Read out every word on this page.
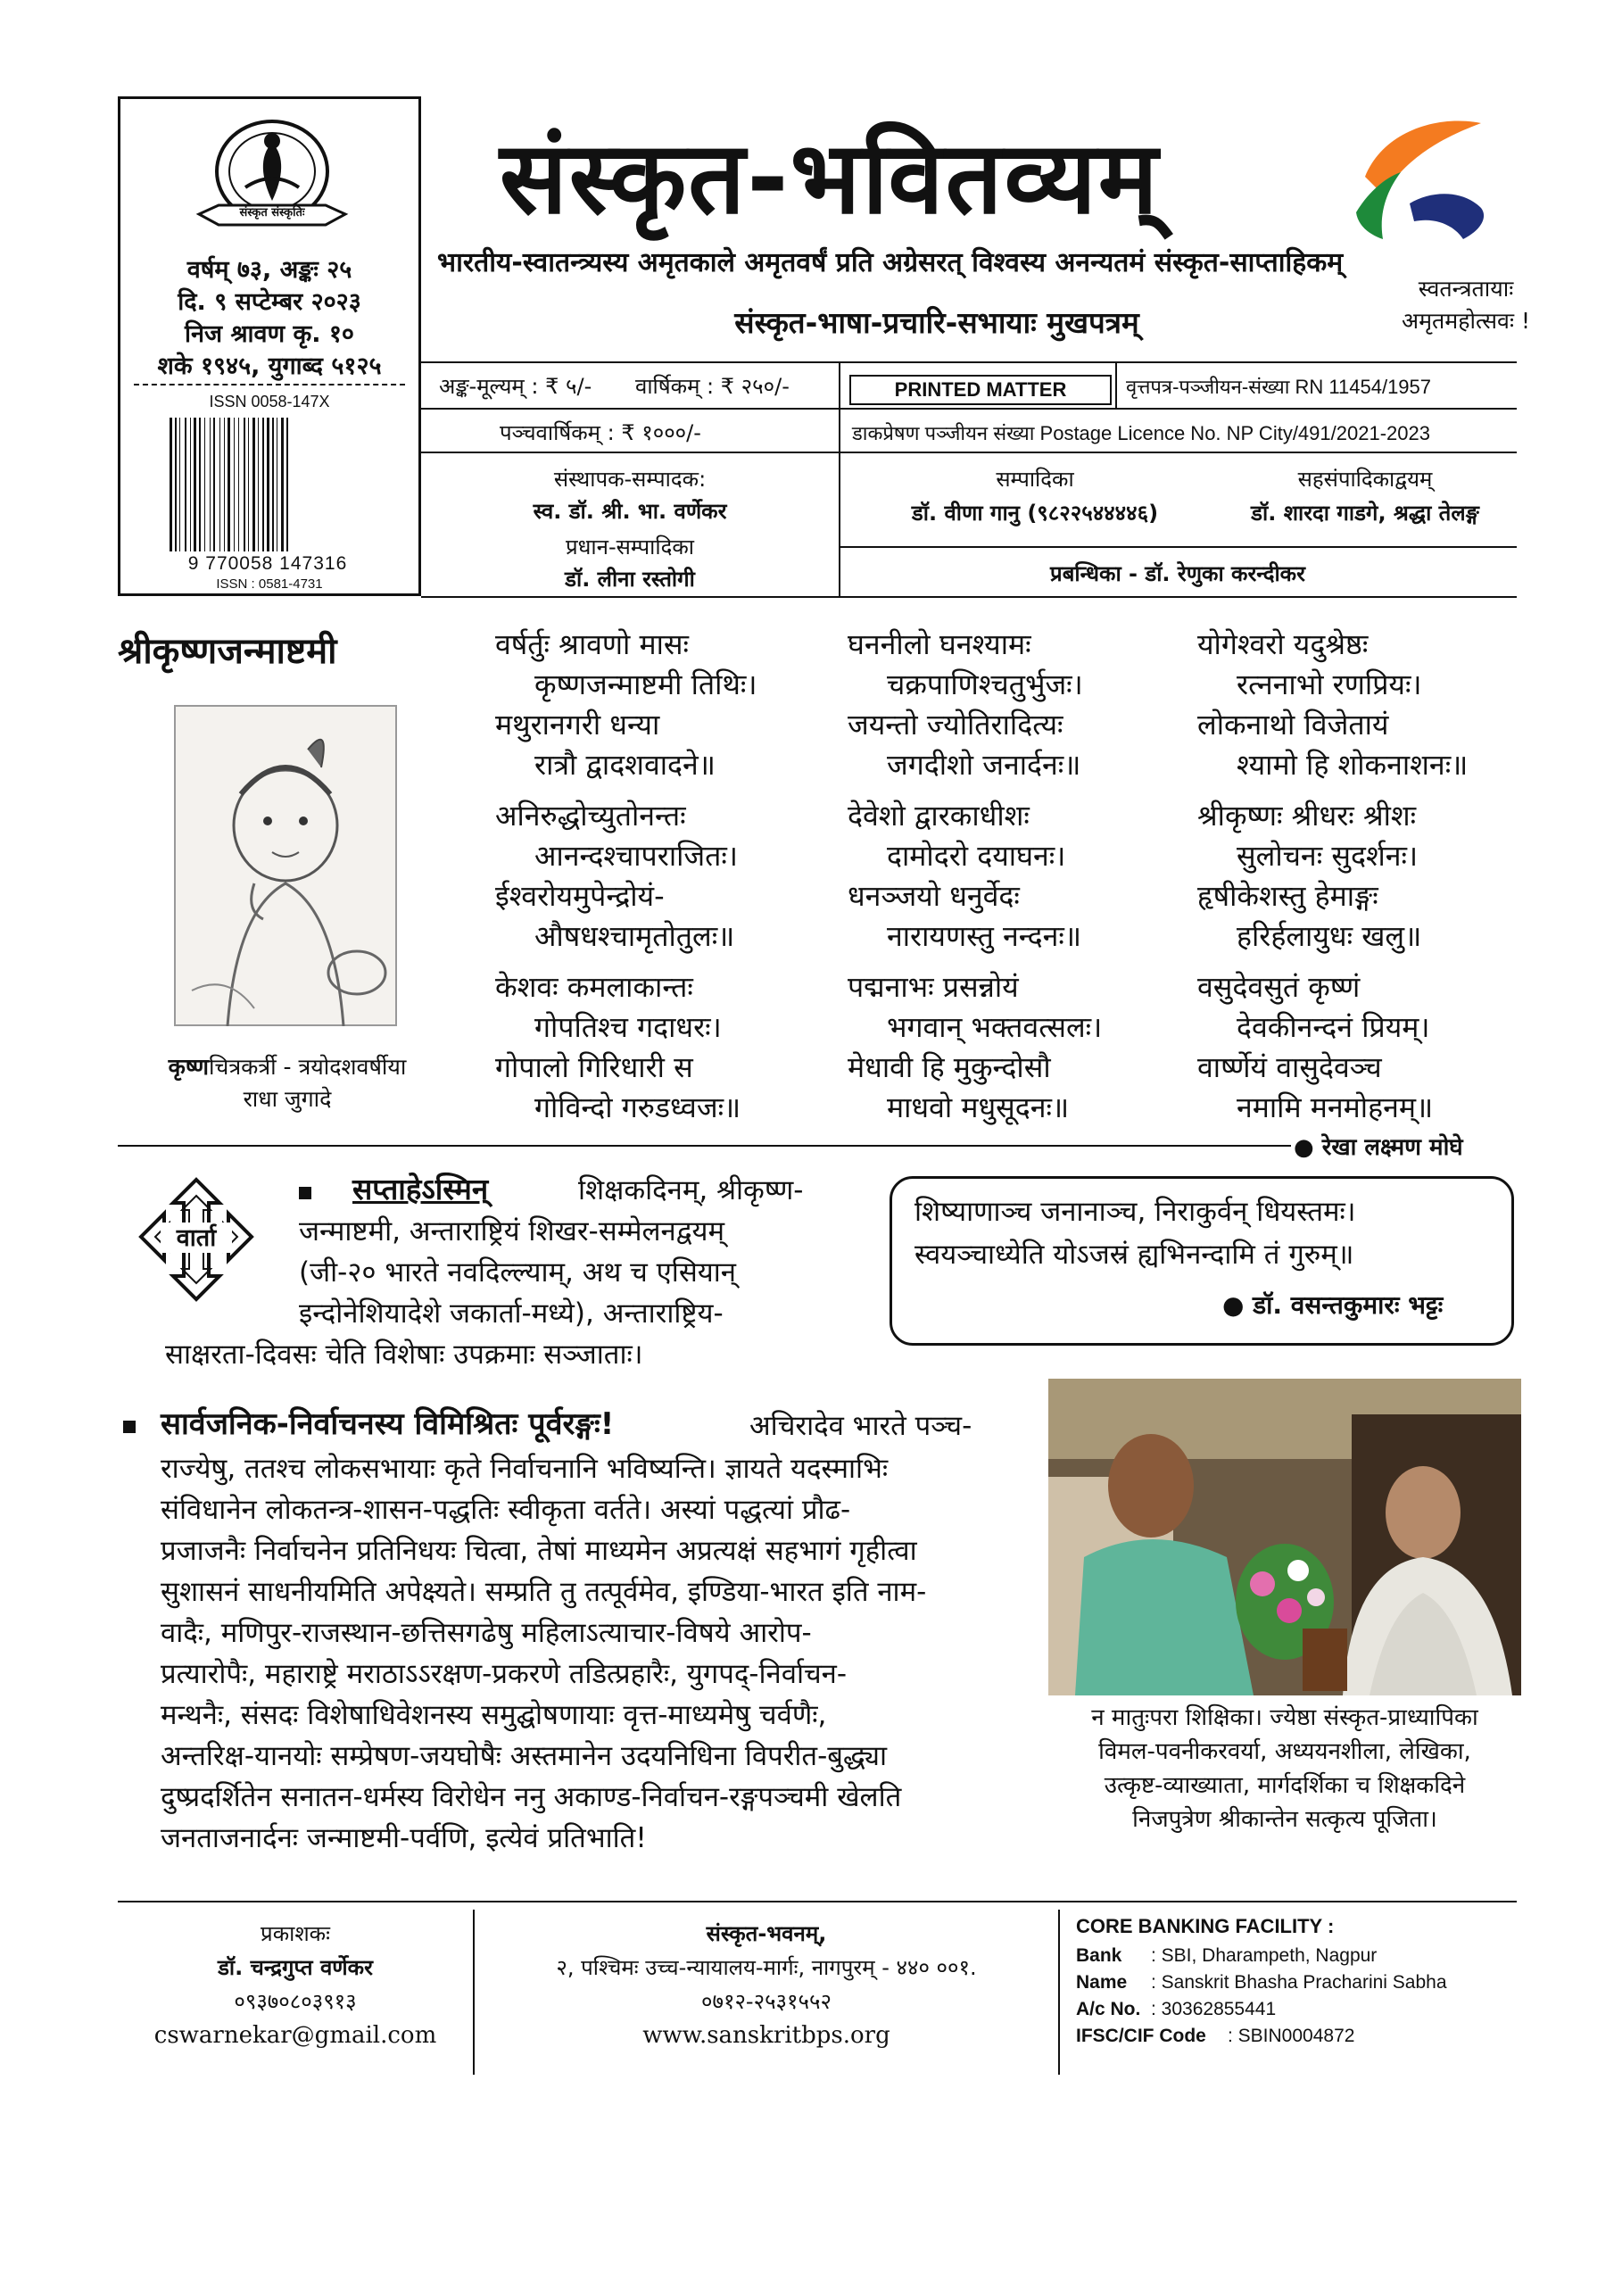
संस्कृत संस्कृतिः
वर्षम् ७३, अङ्कः २५
दि. ९ सप्टेम्बर २०२३
निज श्रावण कृ. १०
शके १९४५, युगाब्द ५१२५
ISSN 0058-147X
9 770058 147316
ISSN : 0581-4731
संस्कृत-भवितव्यम्
भारतीय-स्वातन्त्र्यस्य अमृतकाले अमृतवर्षं प्रति अग्रेसरत् विश्वस्य अनन्यतमं संस्कृत-साप्ताहिकम्
संस्कृत-भाषा-प्रचारि-सभायाः मुखपत्रम्
स्वतन्त्रतायाः
अमृतमहोत्सवः !
अङ्क-मूल्यम् : ₹ ५/- वार्षिकम् : ₹ २५०/-	PRINTED MATTER	वृत्तपत्र-पञ्जीयन-संख्या RN 11454/1957
पञ्चवार्षिकम् : ₹ १०००/-	डाकप्रेषण पञ्जीयन संख्या Postage Licence No. NP City/491/2021-2023
संस्थापक-सम्पादक:
स्व. डॉ. श्री. भा. वर्णेकर
प्रधान-सम्पादिका
डॉ. लीना रस्तोगी
सम्पादिका
डॉ. वीणा गानु (९८२२५४४४४६)
सहसंपादिकाद्वयम्
डॉ. शारदा गाडगे, श्रद्धा तेलङ्ग
प्रबन्धिका - डॉ. रेणुका करन्दीकर
श्रीकृष्णजन्माष्टमी
कृष्णचित्रकर्त्री - त्रयोदशवर्षीया
राधा जुगादे
वर्षर्तुः श्रावणो मासः
कृष्णजन्माष्टमी तिथिः।
मथुरानगरी धन्या
रात्रौ द्वादशवादने॥
अनिरुद्धोच्युतोनन्तः
आनन्दश्चापराजितः।
ईश्वरोयमुपेन्द्रोयं-
औषधश्चामृतोतुलः॥
केशवः कमलाकान्तः
गोपतिश्च गदाधरः।
गोपालो गिरिधारी स
गोविन्दो गरुडध्वजः॥
घननीलो घनश्यामः
चक्रपाणिश्चतुर्भुजः।
जयन्तो ज्योतिरादित्यः
जगदीशो जनार्दनः॥
देवेशो द्वारकाधीशः
दामोदरो दयाघनः।
धनञ्जयो धनुर्वेदः
नारायणस्तु नन्दनः॥
पद्मनाभः प्रसन्नोयं
भगवान् भक्तवत्सलः।
मेधावी हि मुकुन्दोसौ
माधवो मधुसूदनः॥
योगेश्वरो यदुश्रेष्ठः
रत्ननाभो रणप्रियः।
लोकनाथो विजेतायं
श्यामो हि शोकनाशनः॥
श्रीकृष्णः श्रीधरः श्रीशः
सुलोचनः सुदर्शनः।
हृषीकेशस्तु हेमाङ्गः
हरिर्हलायुधः खलु॥
वसुदेवसुतं कृष्णं
देवकीनन्दनं प्रियम्।
वार्ष्णेयं वासुदेवञ्च
नमामि मनमोहनम्॥
● रेखा लक्ष्मण मोघे
वार्ता
सप्ताहेऽस्मिन्	शिक्षकदिनम्, श्रीकृष्ण-
जन्माष्टमी, अन्ताराष्ट्रियं शिखर-सम्मेलनद्वयम्
(जी-२० भारते नवदिल्ल्याम्, अथ च एसियान्
इन्दोनेशियादेशे जकार्ता-मध्ये), अन्ताराष्ट्रिय-
साक्षरता-दिवसः चेति विशेषाः उपक्रमाः सञ्जाताः।
शिष्याणाञ्च जनानाञ्च, निराकुर्वन् धियस्तमः।
स्वयञ्चाध्येति योऽजस्रं ह्यभिनन्दामि तं गुरुम्॥
● डॉ. वसन्तकुमारः भट्टः
सार्वजनिक-निर्वाचनस्य विमिश्रितः पूर्वरङ्गः!	अचिरादेव भारते पञ्च-
राज्येषु, ततश्च लोकसभायाः कृते निर्वाचनानि भविष्यन्ति। ज्ञायते यदस्माभिः
संविधानेन लोकतन्त्र-शासन-पद्धतिः स्वीकृता वर्तते। अस्यां पद्धत्यां प्रौढ-
प्रजाजनैः निर्वाचनेन प्रतिनिधयः चित्वा, तेषां माध्यमेन अप्रत्यक्षं सहभागं गृहीत्वा
सुशासनं साधनीयमिति अपेक्ष्यते। सम्प्रति तु तत्पूर्वमेव, इण्डिया-भारत इति नाम-
वादैः, मणिपुर-राजस्थान-छत्तिसगढेषु महिलाऽत्याचार-विषये आरोप-
प्रत्यारोपैः, महाराष्ट्रे मराठाऽऽरक्षण-प्रकरणे तडित्प्रहारैः, युगपद्-निर्वाचन-
मन्थनैः, संसदः विशेषाधिवेशनस्य समुद्घोषणायाः वृत्त-माध्यमेषु चर्वणैः,
अन्तरिक्ष-यानयोः सम्प्रेषण-जयघोषैः अस्तमानेन उदयनिधिना विपरीत-बुद्ध्या
दुष्प्रदर्शितेन सनातन-धर्मस्य विरोधेन ननु अकाण्ड-निर्वाचन-रङ्गपञ्चमी खेलति
जनताजनार्दनः जन्माष्टमी-पर्वणि, इत्येवं प्रतिभाति!
न मातुःपरा शिक्षिका। ज्येष्ठा संस्कृत-प्राध्यापिका
विमल-पवनीकरवर्या, अध्ययनशीला, लेखिका,
उत्कृष्ट-व्याख्याता, मार्गदर्शिका च शिक्षकदिने
निजपुत्रेण श्रीकान्तेन सत्कृत्य पूजिता।
प्रकाशकः
डॉ. चन्द्रगुप्त वर्णेकर
०९३७०८०३९१३
cswarnekar@gmail.com
संस्कृत-भवनम्,
२, पश्चिमः उच्च-न्यायालय-मार्गः, नागपुरम् - ४४० ००१.
०७१२-२५३१५५२
www.sanskritbps.org
CORE BANKING FACILITY :
Bank : SBI, Dharampeth, Nagpur
Name : Sanskrit Bhasha Pracharini Sabha
A/c No. : 30362855441
IFSC/CIF Code : SBIN0004872
